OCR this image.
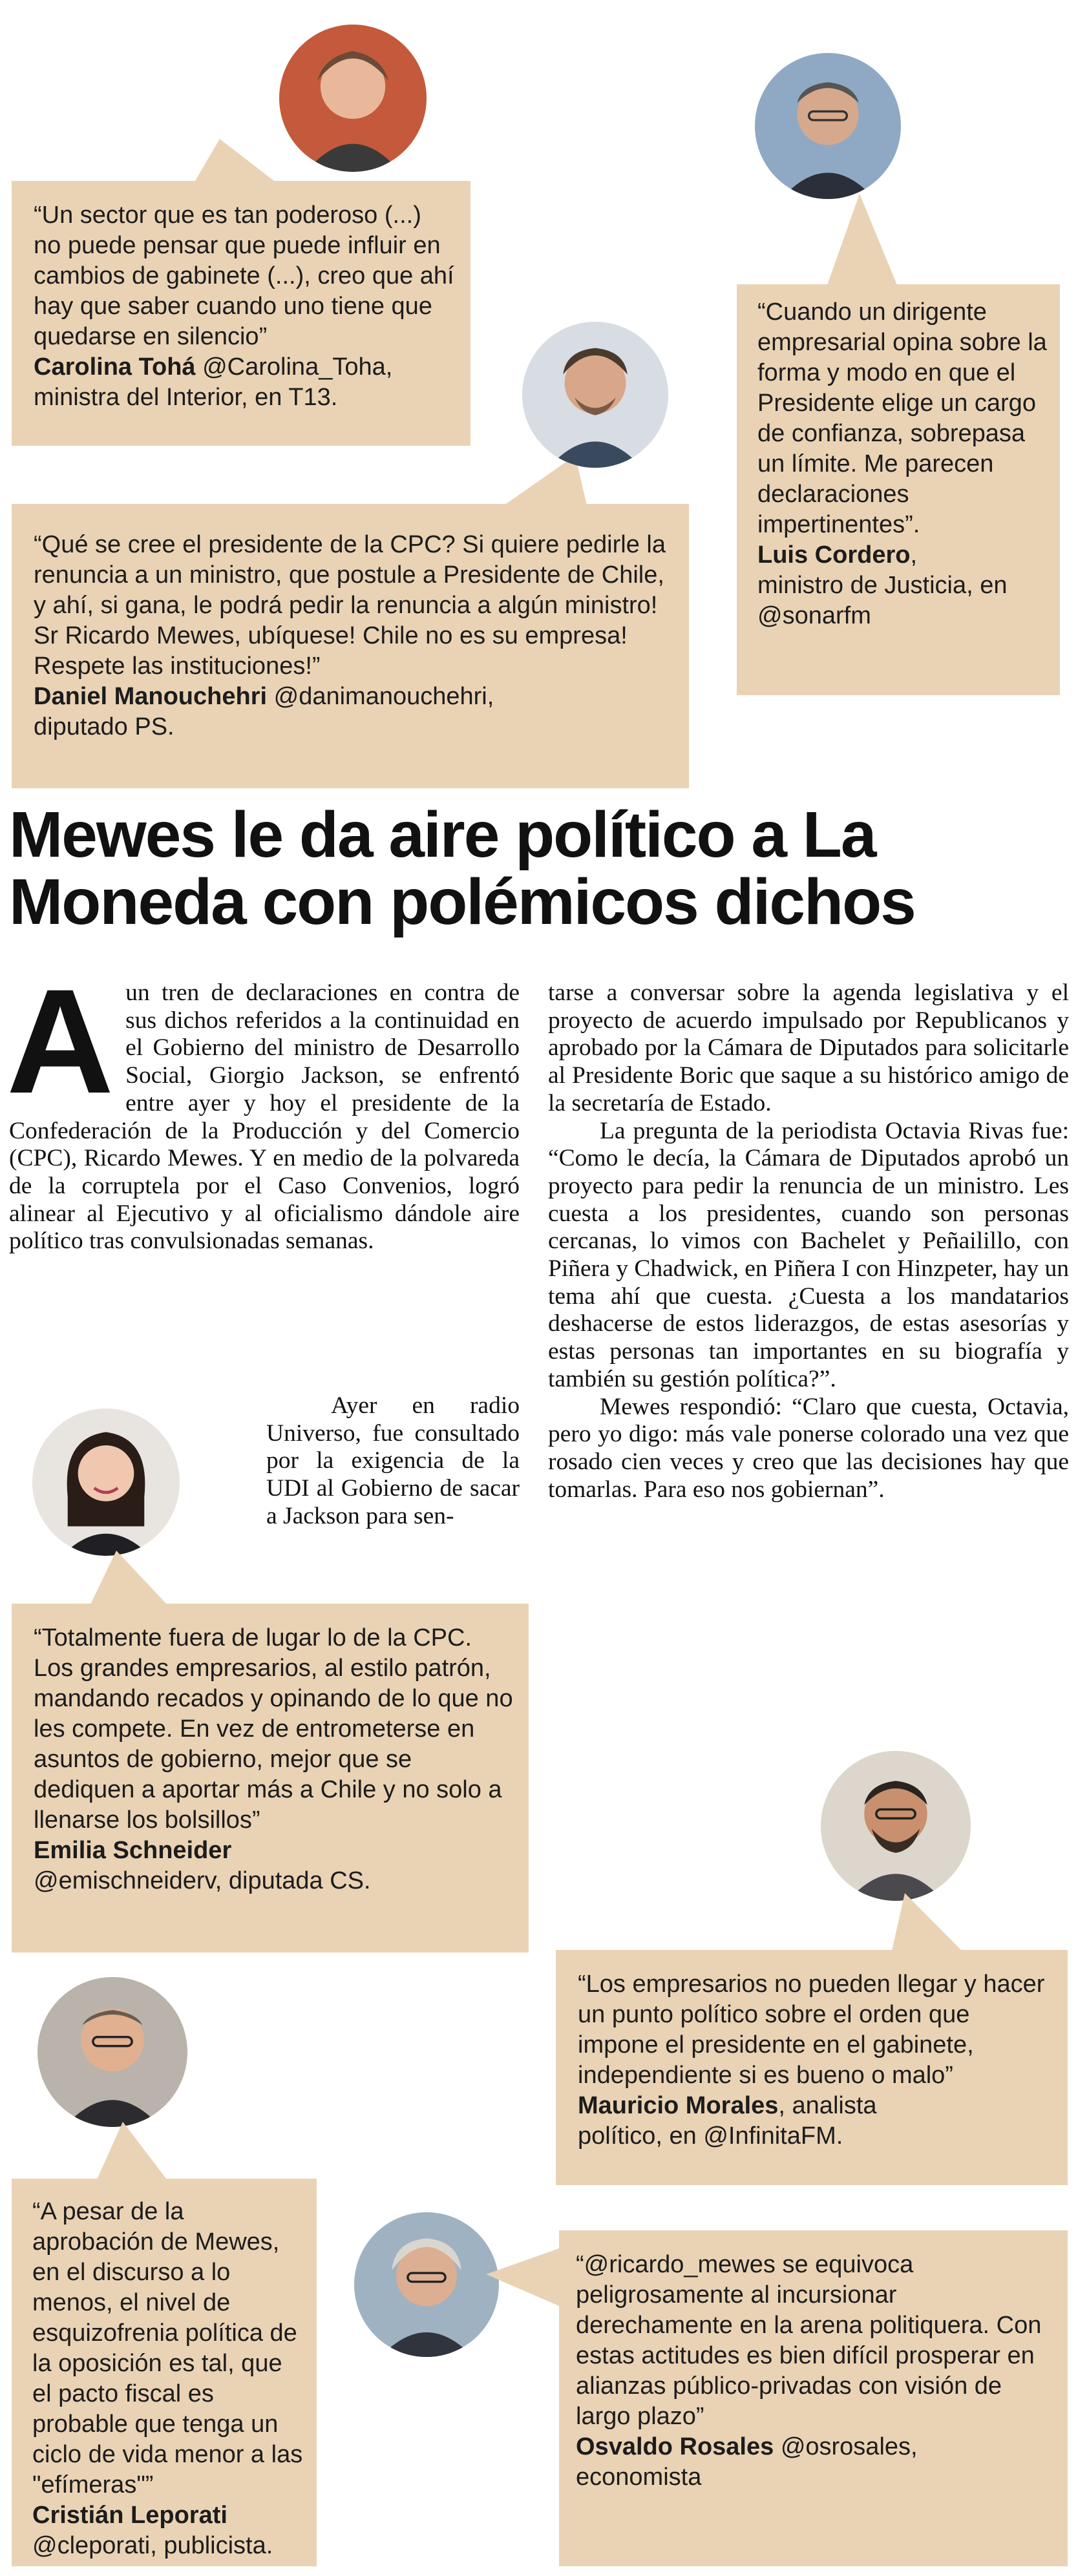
“Un sector que es tan poderoso (...) no puede pensar que puede influir en cambios de gabinete (...), creo que ahí hay que saber cuando uno tiene que quedarse en silencio”
Carolina Tohá @Carolina_Toha, ministra del Interior, en T13.
“Cuando un dirigente empresarial opina sobre la forma y modo en que el Presidente elige un cargo de confianza, sobrepasa un límite. Me parecen declaraciones impertinentes”.
Luis Cordero,
ministro de Justicia, en @sonarfm
“Qué se cree el presidente de la CPC? Si quiere pedirle la renuncia a un ministro, que postule a Presidente de Chile, y ahí, si gana, le podrá pedir la renuncia a algún ministro! Sr Ricardo Mewes, ubíquese! Chile no es su empresa! Respete las instituciones!”
Daniel Manouchehri @danimanouchehri,
diputado PS.
Mewes le da aire político a La Moneda con polémicos dichos
A un tren de declaraciones en contra de sus dichos referidos a la continuidad en el Gobierno del ministro de Desarrollo Social, Giorgio Jackson, se enfrentó entre ayer y hoy el presidente de la Confederación de la Producción y del Comercio (CPC), Ricardo Mewes. Y en medio de la polvareda de la corruptela por el Caso Convenios, logró alinear al Ejecutivo y al oficialismo dándole aire político tras convulsionadas semanas.

Ayer en radio Universo, fue consultado por la exigencia de la UDI al Gobierno de sacar a Jackson para sen-

tarse a conversar sobre la agenda legislativa y el proyecto de acuerdo impulsado por Republicanos y aprobado por la Cámara de Diputados para solicitarle al Presidente Boric que saque a su histórico amigo de la secretaría de Estado.

La pregunta de la periodista Octavia Rivas fue: “Como le decía, la Cámara de Diputados aprobó un proyecto para pedir la renuncia de un ministro. Les cuesta a los presidentes, cuando son personas cercanas, lo vimos con Bachelet y Peñailillo, con Piñera y Chadwick, en Piñera I con Hinzpeter, hay un tema ahí que cuesta. ¿Cuesta a los mandatarios deshacerse de estos liderazgos, de estas asesorías y estas personas tan importantes en su biografía y también su gestión política?”.

Mewes respondió: “Claro que cuesta, Octavia, pero yo digo: más vale ponerse colorado una vez que rosado cien veces y creo que las decisiones hay que tomarlas. Para eso nos gobiernan”.

“Totalmente fuera de lugar lo de la CPC. Los grandes empresarios, al estilo patrón, mandando recados y opinando de lo que no les compete. En vez de entrometerse en asuntos de gobierno, mejor que se dediquen a aportar más a Chile y no solo a llenarse los bolsillos”
Emilia Schneider
@emischneiderv, diputada CS.
“Los empresarios no pueden llegar y hacer un punto político sobre el orden que impone el presidente en el gabinete, independiente si es bueno o malo”
Mauricio Morales, analista
político, en @InfinitaFM.
“A pesar de la aprobación de Mewes, en el discurso a lo menos, el nivel de esquizofrenia política de la oposición es tal, que el pacto fiscal es probable que tenga un ciclo de vida menor a las "efímeras"”
Cristián Leporati
@cleporati, publicista.
“@ricardo_mewes se equivoca peligrosamente al incursionar derechamente en la arena politiquera. Con estas actitudes es bien difícil prosperar en alianzas público-privadas con visión de largo plazo”
Osvaldo Rosales @osrosales,
economista
